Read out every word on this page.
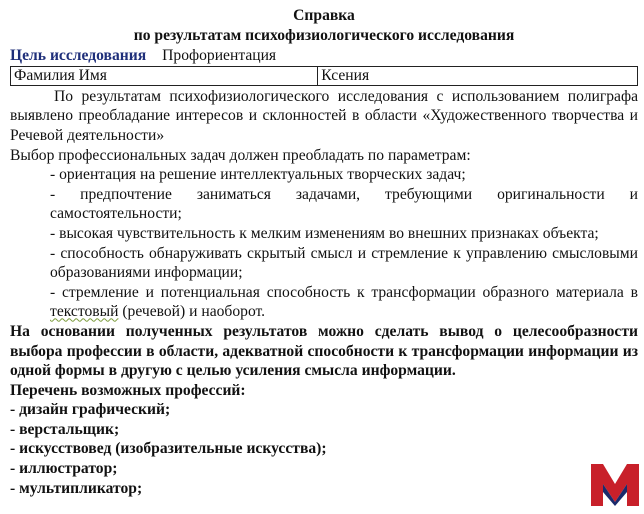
Справка
по результатам психофизиологического исследования
Цель исследования Профориентация
Фамилия Имя	Ксения
По результатам психофизиологического исследования с использованием полиграфа выявлено преобладание интересов и склонностей в области «Художественного творчества и Речевой деятельности»
Выбор профессиональных задач должен преобладать по параметрам:
- ориентация на решение интеллектуальных творческих задач;
- предпочтение заниматься задачами, требующими оригинальности и самостоятельности;
- высокая чувствительность к мелким изменениям во внешних признаках объекта;
- способность обнаруживать скрытый смысл и стремление к управлению смысловыми образованиями информации;
- стремление и потенциальная способность к трансформации образного материала в текстовый (речевой) и наоборот.
На основании полученных результатов можно сделать вывод о целесообразности выбора профессии в области, адекватной способности к трансформации информации из одной формы в другую с целью усиления смысла информации.
Перечень возможных профессий:
- дизайн графический;
- верстальщик;
- искусствовед (изобразительные искусства);
- иллюстратор;
- мультипликатор;
